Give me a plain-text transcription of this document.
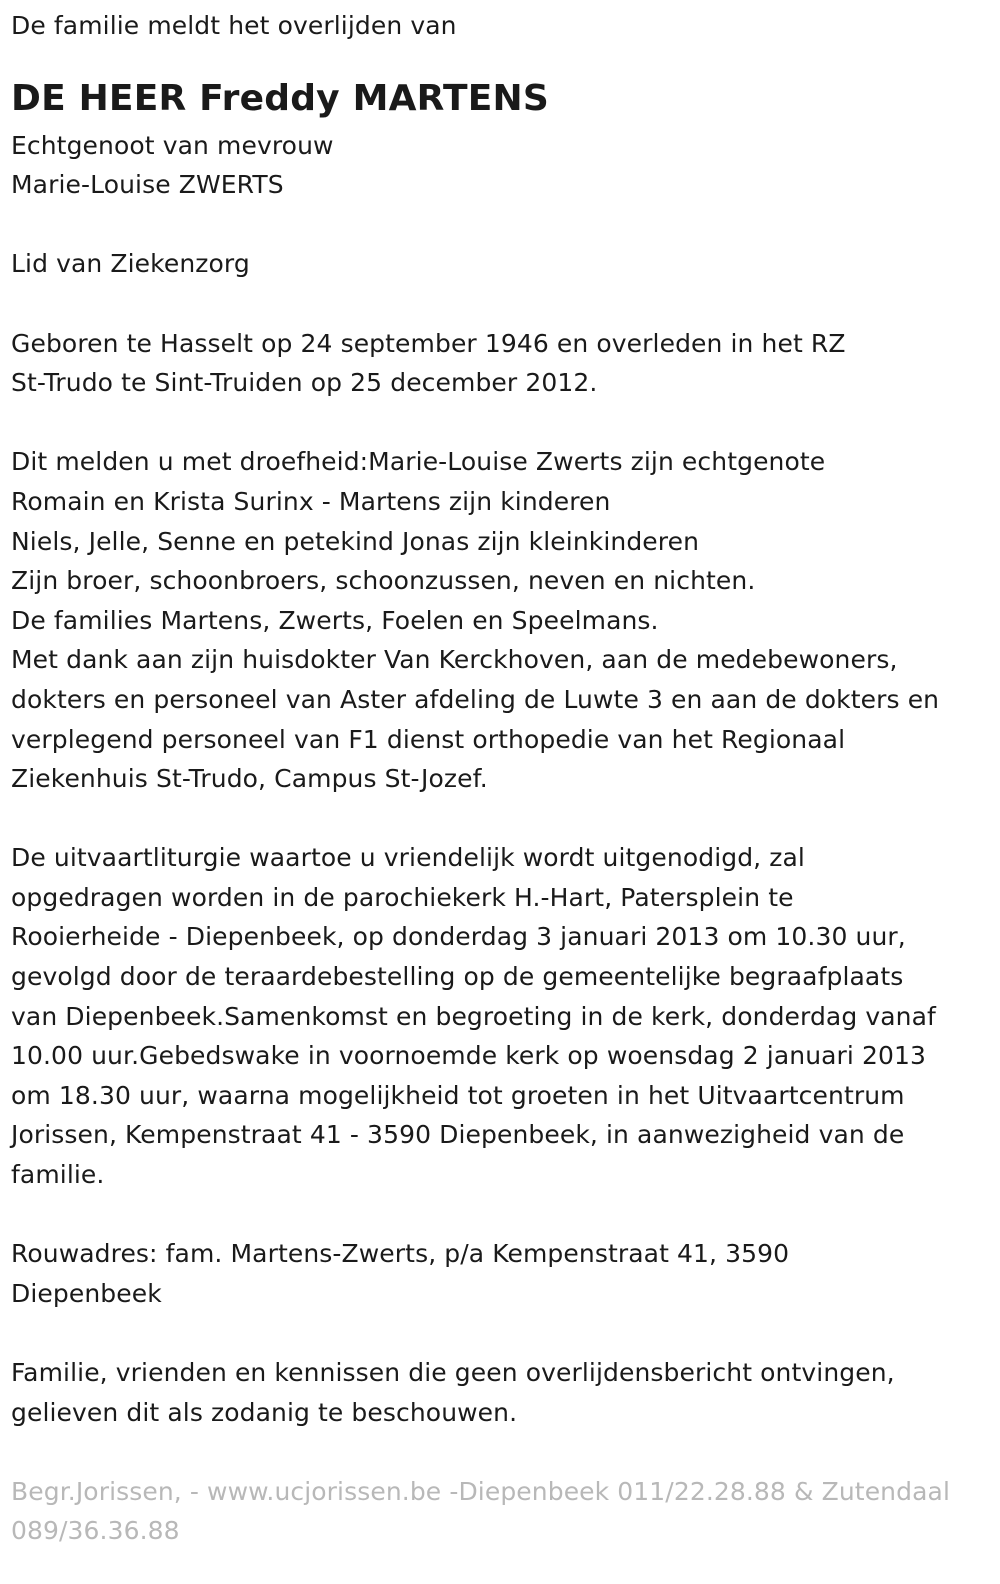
De familie meldt het overlijden van
DE HEER Freddy MARTENS
Echtgenoot van mevrouw
Marie-Louise ZWERTS
Lid van Ziekenzorg
Geboren te Hasselt op 24 september 1946 en overleden in het RZ
St-Trudo te Sint-Truiden op 25 december 2012.
Dit melden u met droefheid:Marie-Louise Zwerts zijn echtgenote
Romain en Krista Surinx - Martens zijn kinderen
Niels, Jelle, Senne en petekind Jonas zijn kleinkinderen
Zijn broer, schoonbroers, schoonzussen, neven en nichten.
De families Martens, Zwerts, Foelen en Speelmans.
Met dank aan zijn huisdokter Van Kerckhoven, aan de medebewoners,
dokters en personeel van Aster afdeling de Luwte 3 en aan de dokters en
verplegend personeel van F1 dienst orthopedie van het Regionaal
Ziekenhuis St-Trudo, Campus St-Jozef.
De uitvaartliturgie waartoe u vriendelijk wordt uitgenodigd, zal
opgedragen worden in de parochiekerk H.-Hart, Patersplein te
Rooierheide - Diepenbeek, op donderdag 3 januari 2013 om 10.30 uur,
gevolgd door de teraardebestelling op de gemeentelijke begraafplaats
van Diepenbeek.Samenkomst en begroeting in de kerk, donderdag vanaf
10.00 uur.Gebedswake in voornoemde kerk op woensdag 2 januari 2013
om 18.30 uur, waarna mogelijkheid tot groeten in het Uitvaartcentrum
Jorissen, Kempenstraat 41 - 3590 Diepenbeek, in aanwezigheid van de
familie.
Rouwadres: fam. Martens-Zwerts, p/a Kempenstraat 41, 3590
Diepenbeek
Familie, vrienden en kennissen die geen overlijdensbericht ontvingen,
gelieven dit als zodanig te beschouwen.
Begr.Jorissen, - www.ucjorissen.be -Diepenbeek 011/22.28.88 & Zutendaal
089/36.36.88
